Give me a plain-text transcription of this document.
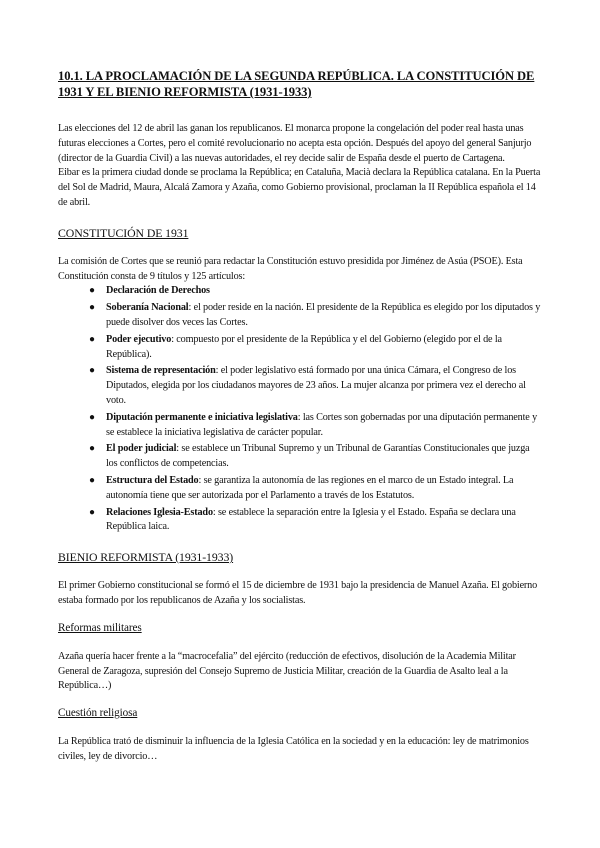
10.1. LA PROCLAMACIÓN DE LA SEGUNDA REPÚBLICA. LA CONSTITUCIÓN DE 1931 Y EL BIENIO REFORMISTA (1931-1933)

Las elecciones del 12 de abril las ganan los republicanos. El monarca propone la congelación del poder real hasta unas futuras elecciones a Cortes, pero el comité revolucionario no acepta esta opción. Después del apoyo del general Sanjurjo (director de la Guardia Civil) a las nuevas autoridades, el rey decide salir de España desde el puerto de Cartagena.

Eibar es la primera ciudad donde se proclama la República; en Cataluña, Macià declara la República catalana. En la Puerta del Sol de Madrid, Maura, Alcalá Zamora y Azaña, como Gobierno provisional, proclaman la II República española el 14 de abril.

CONSTITUCIÓN DE 1931

La comisión de Cortes que se reunió para redactar la Constitución estuvo presidida por Jiménez de Asúa (PSOE). Esta Constitución consta de 9 títulos y 125 artículos:

● Declaración de Derechos
● Soberanía Nacional: el poder reside en la nación. El presidente de la República es elegido por los diputados y puede disolver dos veces las Cortes.
● Poder ejecutivo: compuesto por el presidente de la República y el del Gobierno (elegido por el de la República).
● Sistema de representación: el poder legislativo está formado por una única Cámara, el Congreso de los Diputados, elegida por los ciudadanos mayores de 23 años. La mujer alcanza por primera vez el derecho al voto.
● Diputación permanente e iniciativa legislativa: las Cortes son gobernadas por una diputación permanente y se establece la iniciativa legislativa de carácter popular.
● El poder judicial: se establece un Tribunal Supremo y un Tribunal de Garantías Constitucionales que juzga los conflictos de competencias.
● Estructura del Estado: se garantiza la autonomía de las regiones en el marco de un Estado integral. La autonomía tiene que ser autorizada por el Parlamento a través de los Estatutos.
● Relaciones Iglesia-Estado: se establece la separación entre la Iglesia y el Estado. España se declara una República laica.
BIENIO REFORMISTA (1931-1933)

El primer Gobierno constitucional se formó el 15 de diciembre de 1931 bajo la presidencia de Manuel Azaña. El gobierno estaba formado por los republicanos de Azaña y los socialistas.

Reformas militares

Azaña quería hacer frente a la “macrocefalia” del ejército (reducción de efectivos, disolución de la Academia Militar General de Zaragoza, supresión del Consejo Supremo de Justicia Militar, creación de la Guardia de Asalto leal a la República…)

Cuestión religiosa

La República trató de disminuir la influencia de la Iglesia Católica en la sociedad y en la educación: ley de matrimonios civiles, ley de divorcio…
